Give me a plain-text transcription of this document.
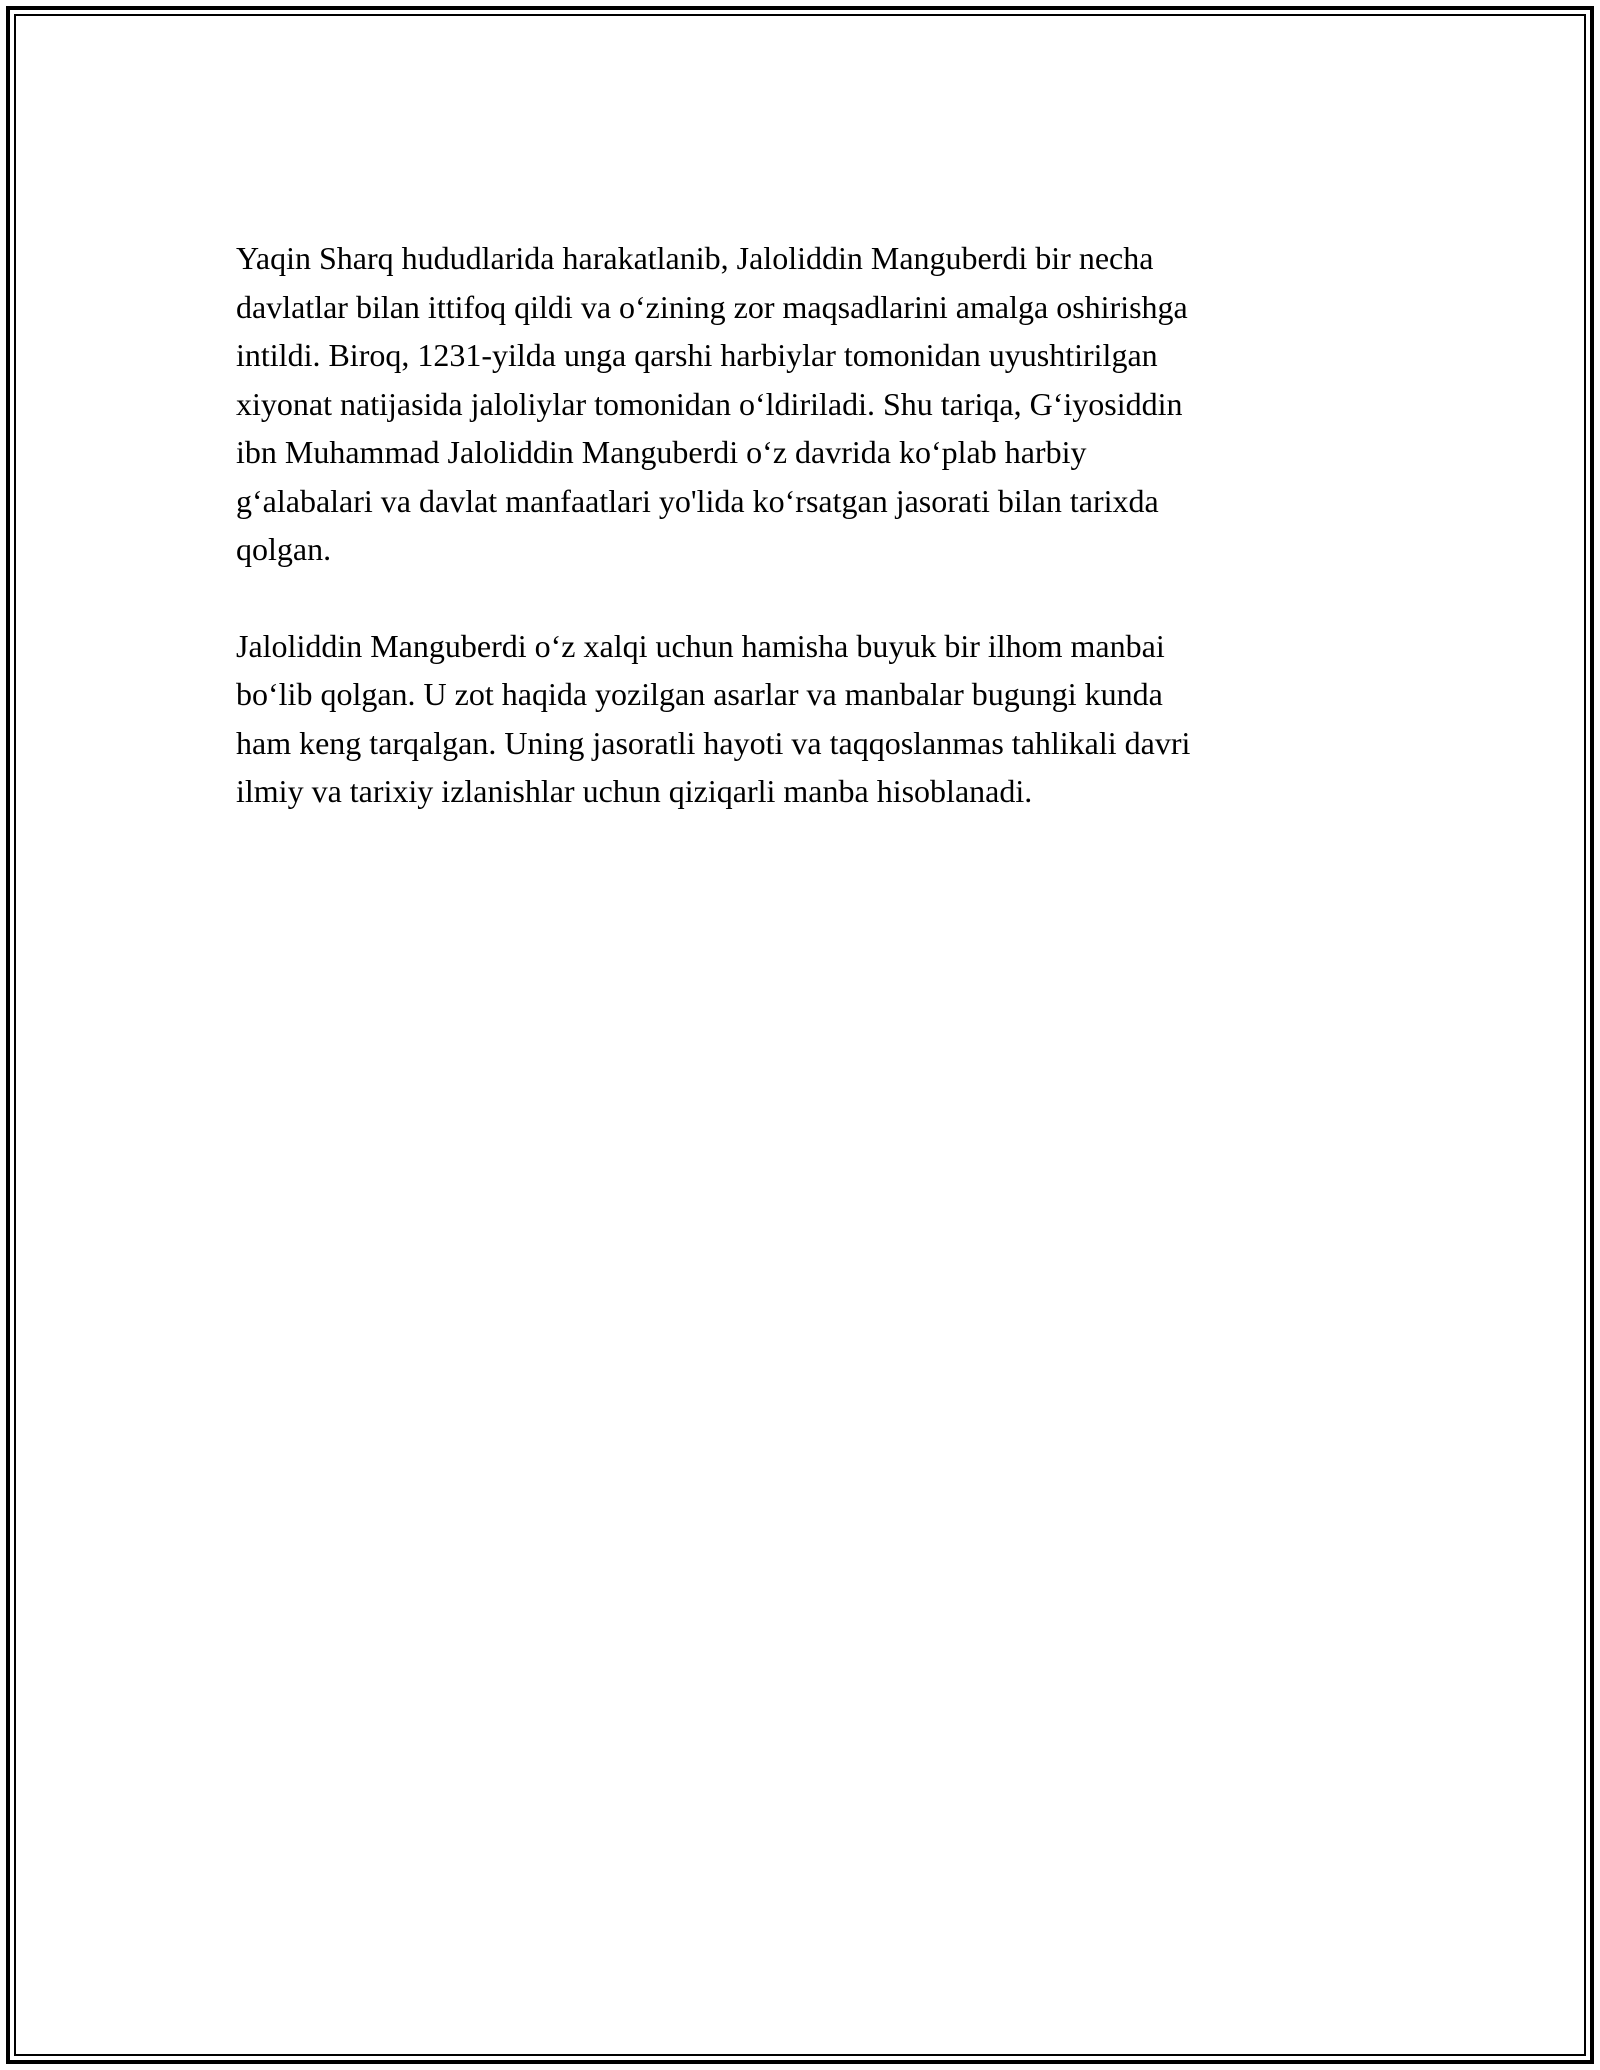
Yaqin Sharq hududlarida harakatlanib, Jaloliddin Manguberdi bir necha
davlatlar bilan ittifoq qildi va o‘zining zor maqsadlarini amalga oshirishga
intildi. Biroq, 1231-yilda unga qarshi harbiylar tomonidan uyushtirilgan
xiyonat natijasida jaloliylar tomonidan o‘ldiriladi. Shu tariqa, G‘iyosiddin
ibn Muhammad Jaloliddin Manguberdi o‘z davrida ko‘plab harbiy
g‘alabalari va davlat manfaatlari yo'lida ko‘rsatgan jasorati bilan tarixda
qolgan.

Jaloliddin Manguberdi o‘z xalqi uchun hamisha buyuk bir ilhom manbai
bo‘lib qolgan. U zot haqida yozilgan asarlar va manbalar bugungi kunda
ham keng tarqalgan. Uning jasoratli hayoti va taqqoslanmas tahlikali davri
ilmiy va tarixiy izlanishlar uchun qiziqarli manba hisoblanadi.
